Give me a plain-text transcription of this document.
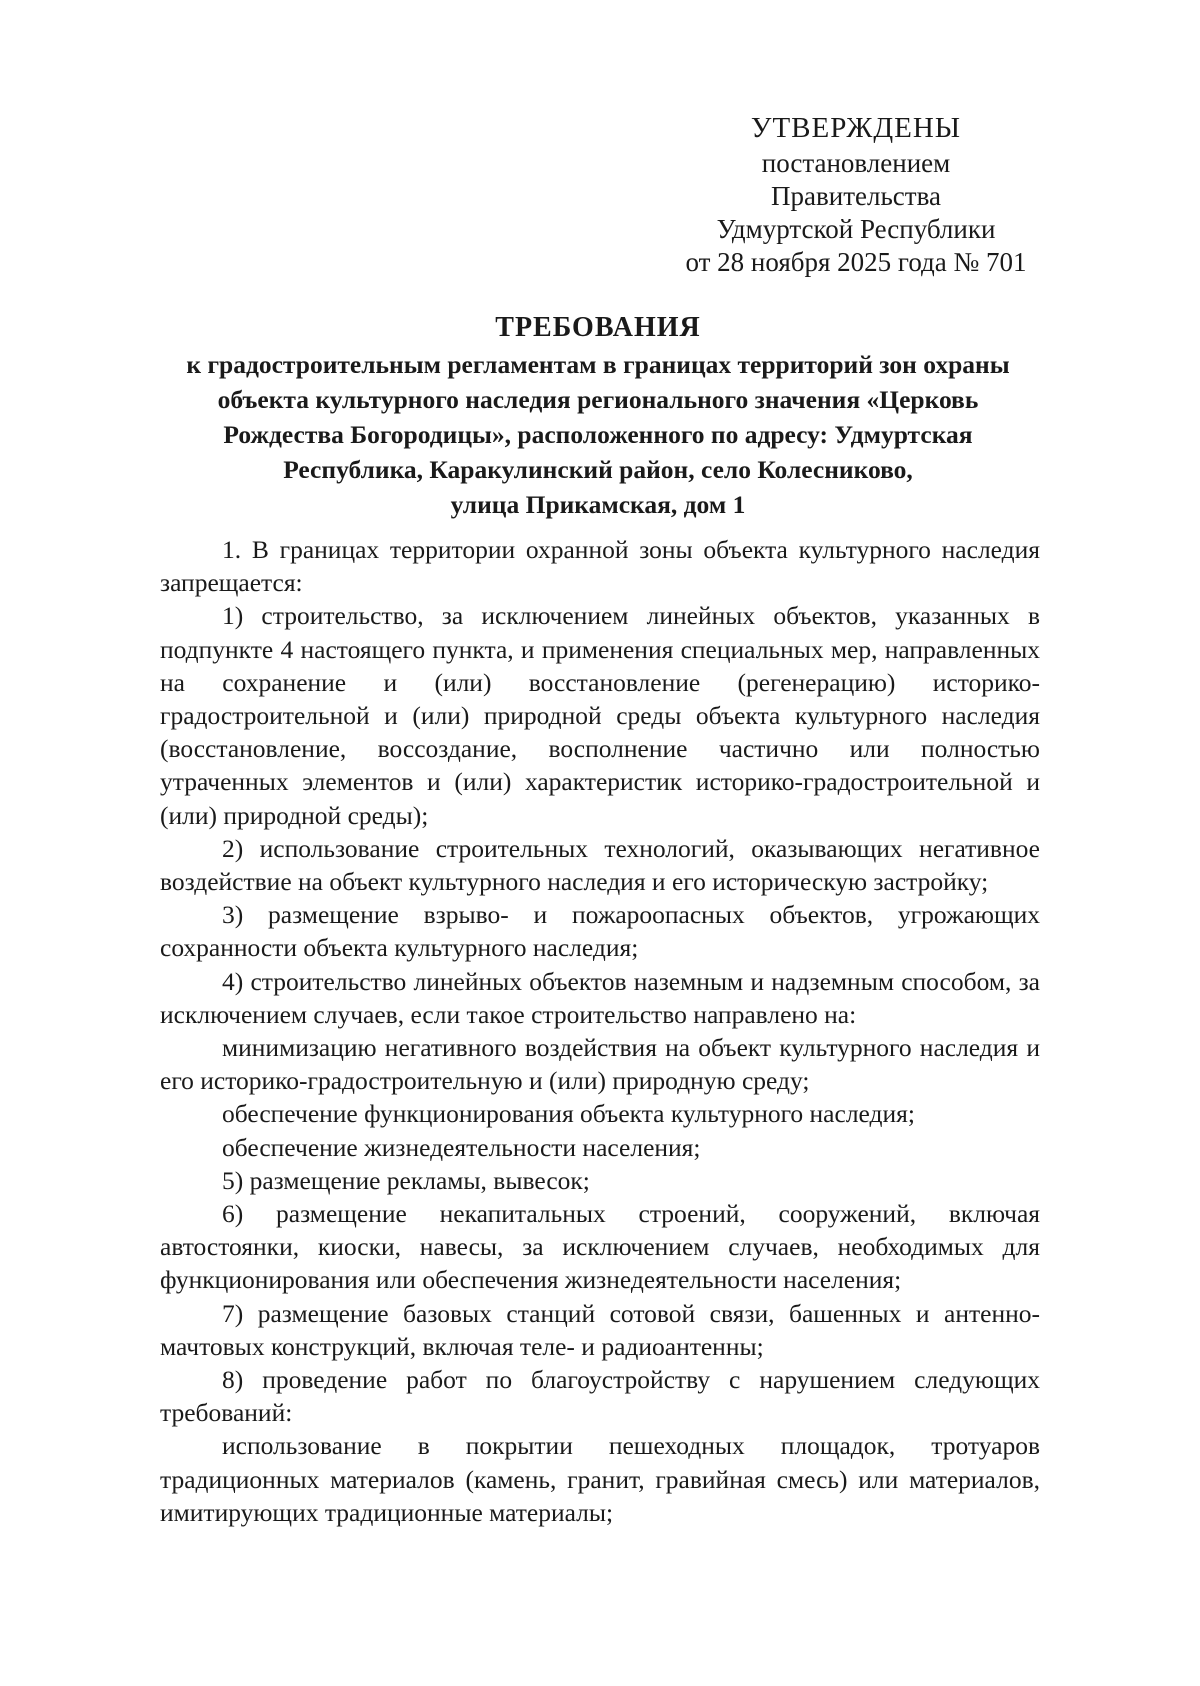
УТВЕРЖДЕНЫ
постановлением Правительства
Удмуртской Республики
от 28 ноября 2025 года № 701
ТРЕБОВАНИЯ
к градостроительным регламентам в границах территорий зон охраны
объекта культурного наследия регионального значения «Церковь
Рождества Богородицы», расположенного по адресу: Удмуртская
Республика, Каракулинский район, село Колесниково,
улица Прикамская, дом 1

1. В границах территории охранной зоны объекта культурного наследия запрещается:

1) строительство, за исключением линейных объектов, указанных в подпункте 4 настоящего пункта, и применения специальных мер, направленных на сохранение и (или) восстановление (регенерацию) историко-градостроительной и (или) природной среды объекта культурного наследия (восстановление, воссоздание, восполнение частично или полностью утраченных элементов и (или) характеристик историко-градостроительной и (или) природной среды);

2) использование строительных технологий, оказывающих негативное воздействие на объект культурного наследия и его историческую застройку;

3) размещение взрыво- и пожароопасных объектов, угрожающих сохранности объекта культурного наследия;

4) строительство линейных объектов наземным и надземным способом, за исключением случаев, если такое строительство направлено на:

минимизацию негативного воздействия на объект культурного наследия и его историко-градостроительную и (или) природную среду;

обеспечение функционирования объекта культурного наследия;

обеспечение жизнедеятельности населения;

5) размещение рекламы, вывесок;

6) размещение некапитальных строений, сооружений, включая автостоянки, киоски, навесы, за исключением случаев, необходимых для функционирования или обеспечения жизнедеятельности населения;

7) размещение базовых станций сотовой связи, башенных и антенно-мачтовых конструкций, включая теле- и радиоантенны;

8) проведение работ по благоустройству с нарушением следующих требований:

использование в покрытии пешеходных площадок, тротуаров традиционных материалов (камень, гранит, гравийная смесь) или материалов, имитирующих традиционные материалы;
